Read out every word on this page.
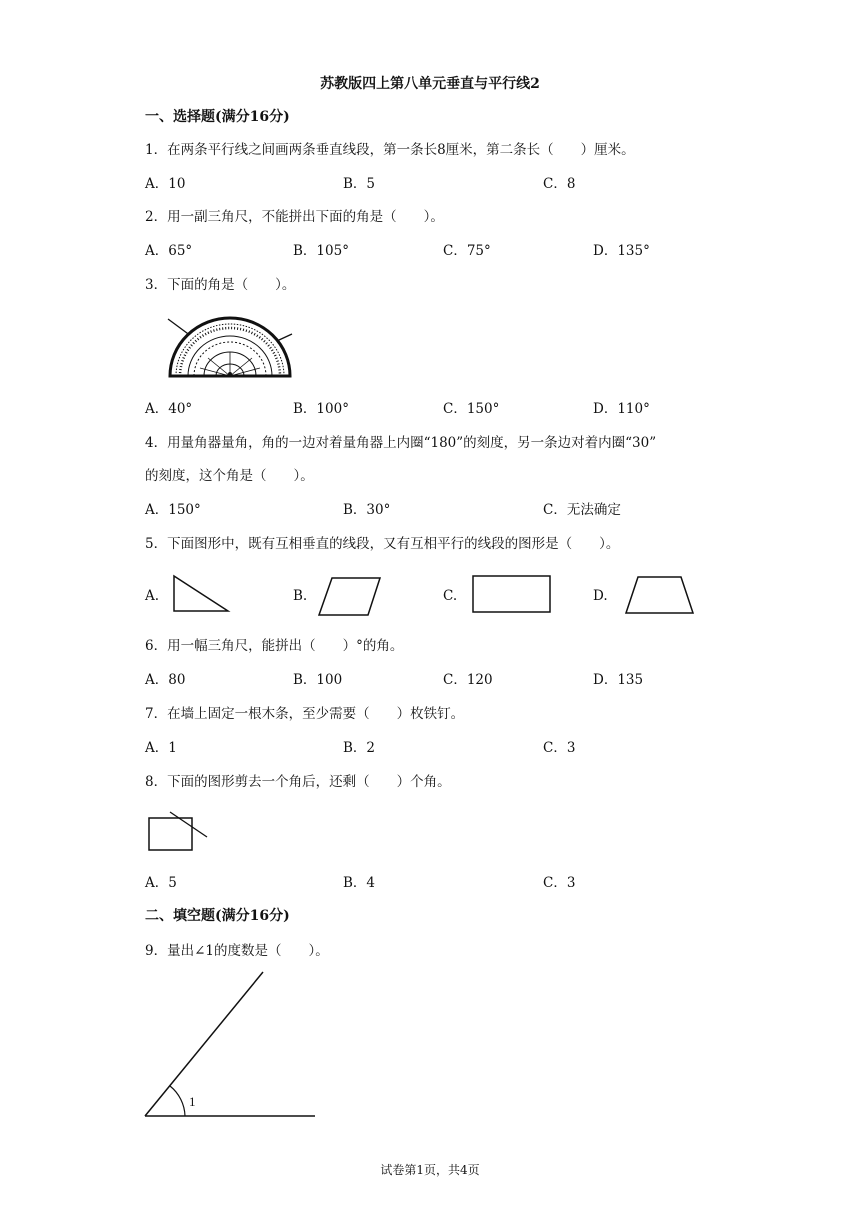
苏教版四上第八单元垂直与平行线2
一、选择题(满分16分)
1．在两条平行线之间画两条垂直线段，第一条长8厘米，第二条长（　　）厘米。
A．10	B．5	C．8
2．用一副三角尺，不能拼出下面的角是（　　）。
A．65°	B．105°	C．75°	D．135°
3．下面的角是（　　）。
A．40°	B．100°	C．150°	D．110°
4．用量角器量角，角的一边对着量角器上内圈“180”的刻度，另一条边对着内圈“30”
的刻度，这个角是（　　）。
A．150°	B．30°	C．无法确定
5．下面图形中，既有互相垂直的线段，又有互相平行的线段的图形是（　　）。
A.	B.	C.	D.
6．用一幅三角尺，能拼出（　　）°的角。
A．80	B．100	C．120	D．135
7．在墙上固定一根木条，至少需要（　　）枚铁钉。
A．1	B．2	C．3
8．下面的图形剪去一个角后，还剩（　　）个角。
A．5	B．4	C．3
二、填空题(满分16分)
9．量出∠1的度数是（　　）。
1
试卷第1页，共4页
